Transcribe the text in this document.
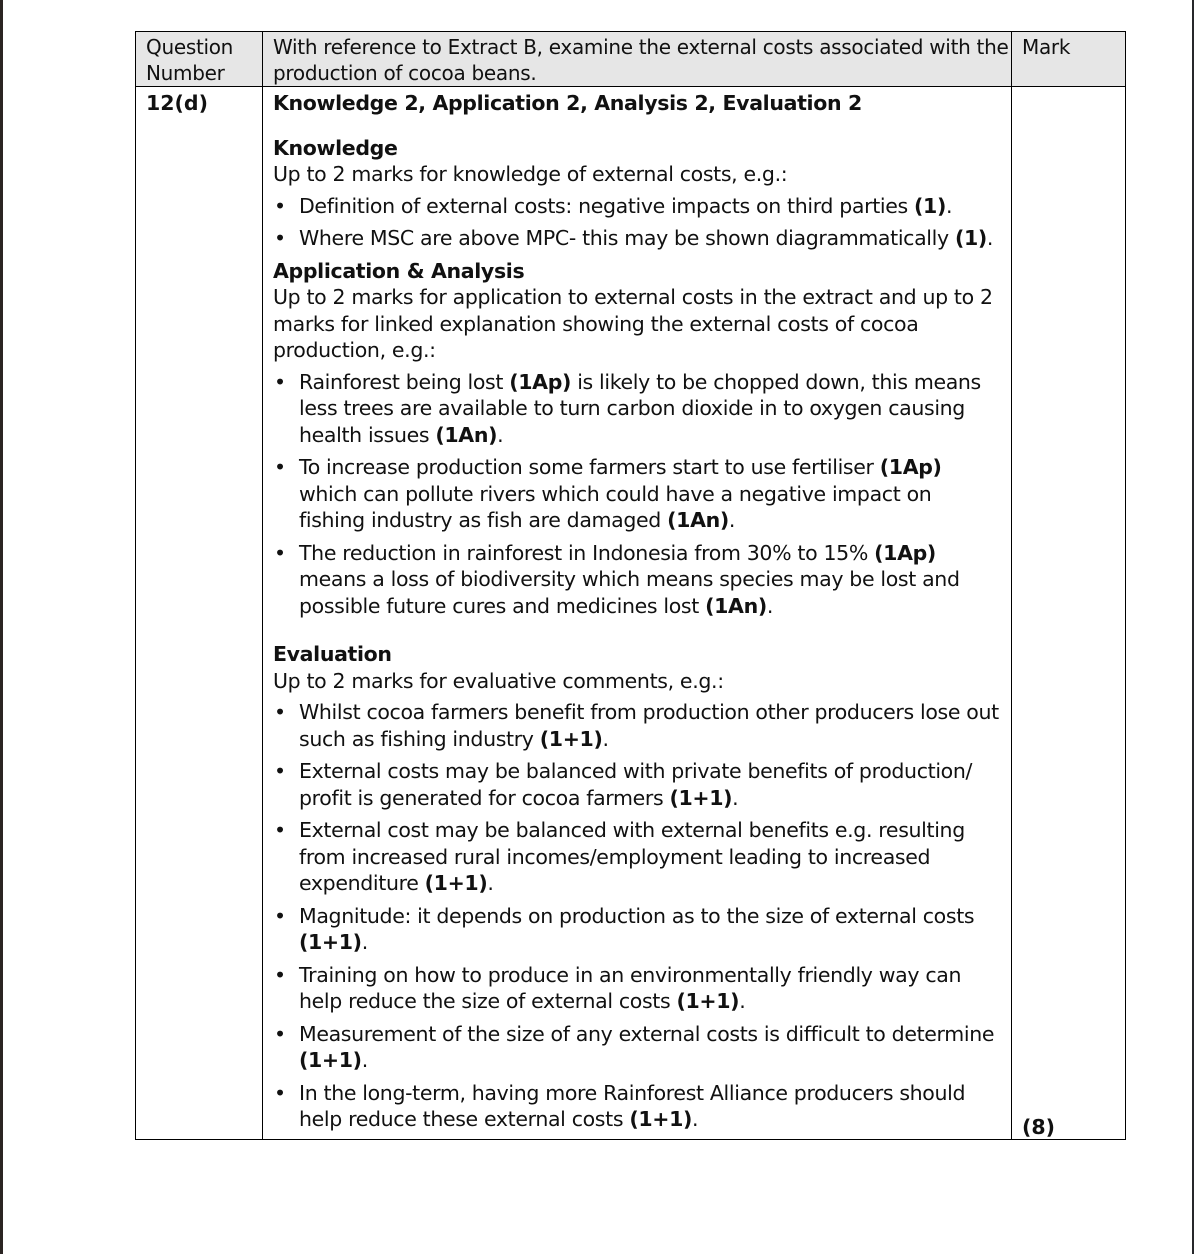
Question Number	With reference to Extract B, examine the external costs associated with the production of cocoa beans.	Mark

12(d)	Knowledge 2, Application 2, Analysis 2, Evaluation 2
Knowledge
Up to 2 marks for knowledge of external costs, e.g.:
• Definition of external costs: negative impacts on third parties (1).
• Where MSC are above MPC- this may be shown diagrammatically (1).
Application & Analysis
Up to 2 marks for application to external costs in the extract and up to 2 marks for linked explanation showing the external costs of cocoa production, e.g.:
• Rainforest being lost (1Ap) is likely to be chopped down, this means less trees are available to turn carbon dioxide in to oxygen causing health issues (1An).
• To increase production some farmers start to use fertiliser (1Ap) which can pollute rivers which could have a negative impact on fishing industry as fish are damaged (1An).
• The reduction in rainforest in Indonesia from 30% to 15% (1Ap) means a loss of biodiversity which means species may be lost and possible future cures and medicines lost (1An).
Evaluation
Up to 2 marks for evaluative comments, e.g.:
• Whilst cocoa farmers benefit from production other producers lose out such as fishing industry (1+1).
• External costs may be balanced with private benefits of production/ profit is generated for cocoa farmers (1+1).
• External cost may be balanced with external benefits e.g. resulting from increased rural incomes/employment leading to increased expenditure (1+1).
• Magnitude: it depends on production as to the size of external costs (1+1).
• Training on how to produce in an environmentally friendly way can help reduce the size of external costs (1+1).
• Measurement of the size of any external costs is difficult to determine (1+1).
• In the long-term, having more Rainforest Alliance producers should help reduce these external costs (1+1).	(8)
